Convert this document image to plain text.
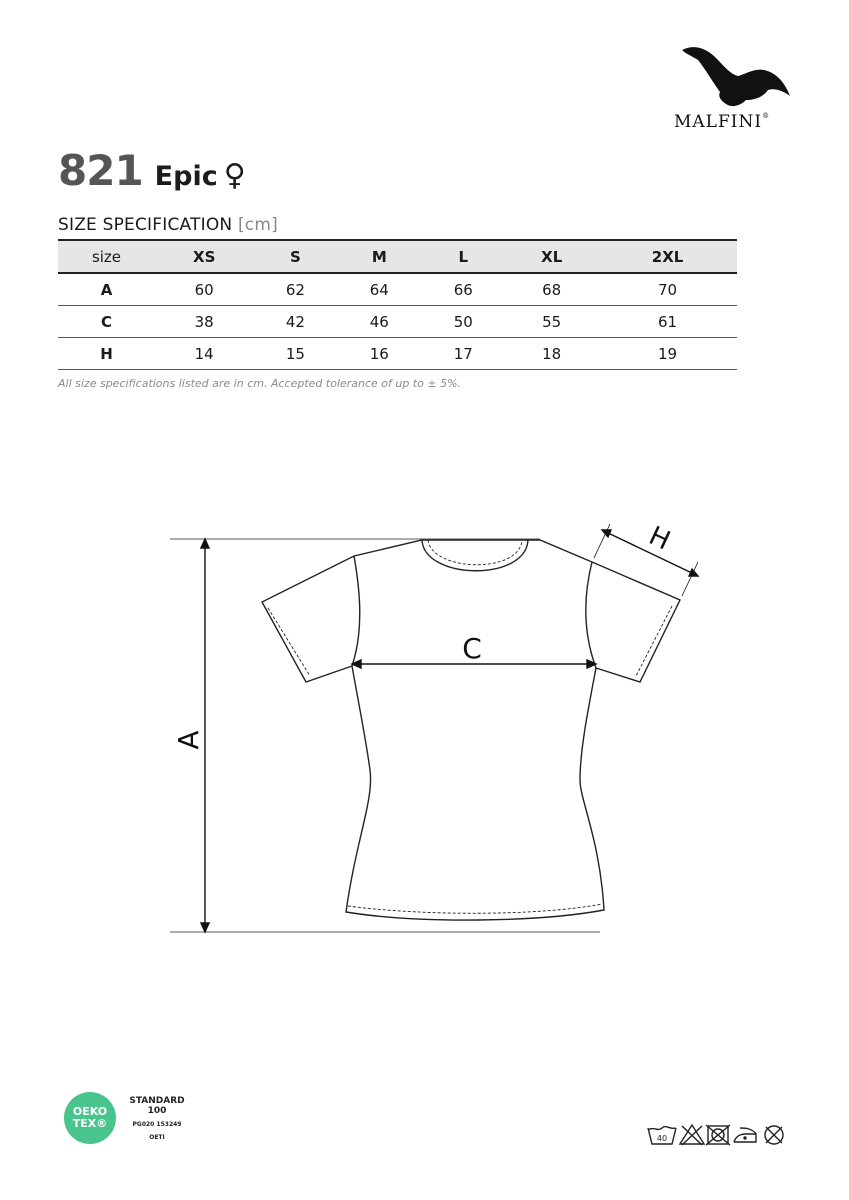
MALFINI®
821 Epic ♀
SIZE SPECIFICATION [cm]
size	XS	S	M	L	XL	2XL
A	60	62	64	66	68	70
C	38	42	46	50	55	61
H	14	15	16	17	18	19
All size specifications listed are in cm. Accepted tolerance of up to ± 5%.
A
C
H
OEKO
TEX®
STANDARD
100
PG020 153249
OETI	40
